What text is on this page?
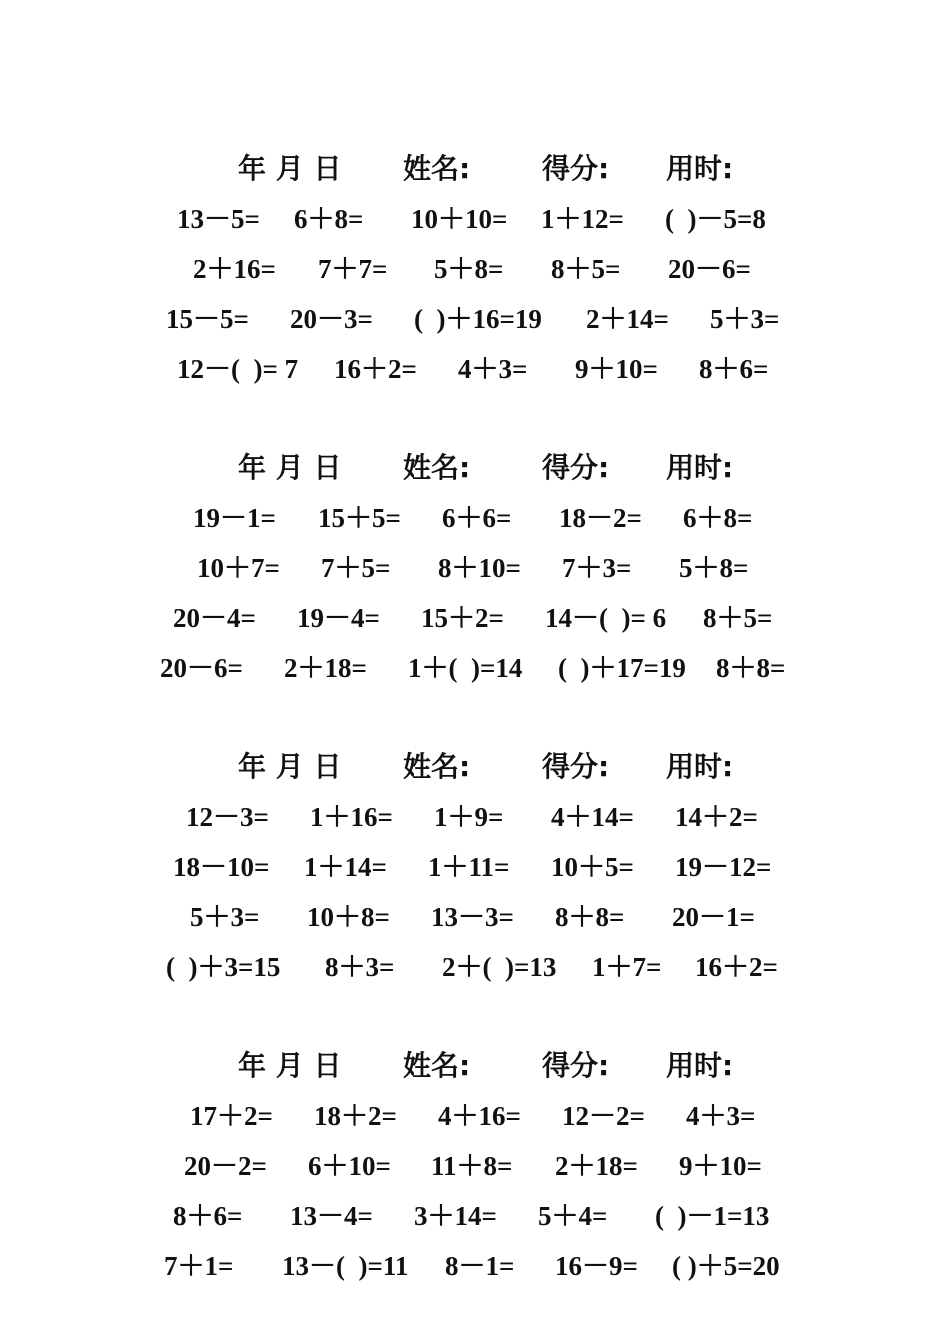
年 月 日 姓名:	得分: 用时:
13－5= 6＋8= 10＋10= 1＋12= (  )－5=8
2＋16= 7＋7= 5＋8= 8＋5= 20－6=
15－5= 20－3= (  )＋16=19 2＋14= 5＋3=
12－(  )= 7 16＋2= 4＋3= 9＋10= 8＋6=
年 月 日 姓名:	得分: 用时:
19－1= 15＋5= 6＋6= 18－2= 6＋8=
10＋7= 7＋5= 8＋10= 7＋3= 5＋8=
20－4= 19－4= 15＋2= 14－(  )= 6 8＋5=
20－6= 2＋18= 1＋(  )=14 (  )＋17=19 8＋8=
年 月 日 姓名:	得分: 用时:
12－3= 1＋16= 1＋9= 4＋14= 14＋2=
18－10= 1＋14= 1＋11= 10＋5= 19－12=
5＋3= 10＋8= 13－3= 8＋8= 20－1=
(  )＋3=15 8＋3= 2＋(  )=13 1＋7= 16＋2=
年 月 日 姓名:	得分: 用时:
17＋2= 18＋2= 4＋16= 12－2= 4＋3=
20－2= 6＋10= 11＋8= 2＋18= 9＋10=
8＋6= 13－4= 3＋14= 5＋4= (  )－1=13
7＋1= 13－(  )=11 8－1= 16－9= ( )＋5=20
